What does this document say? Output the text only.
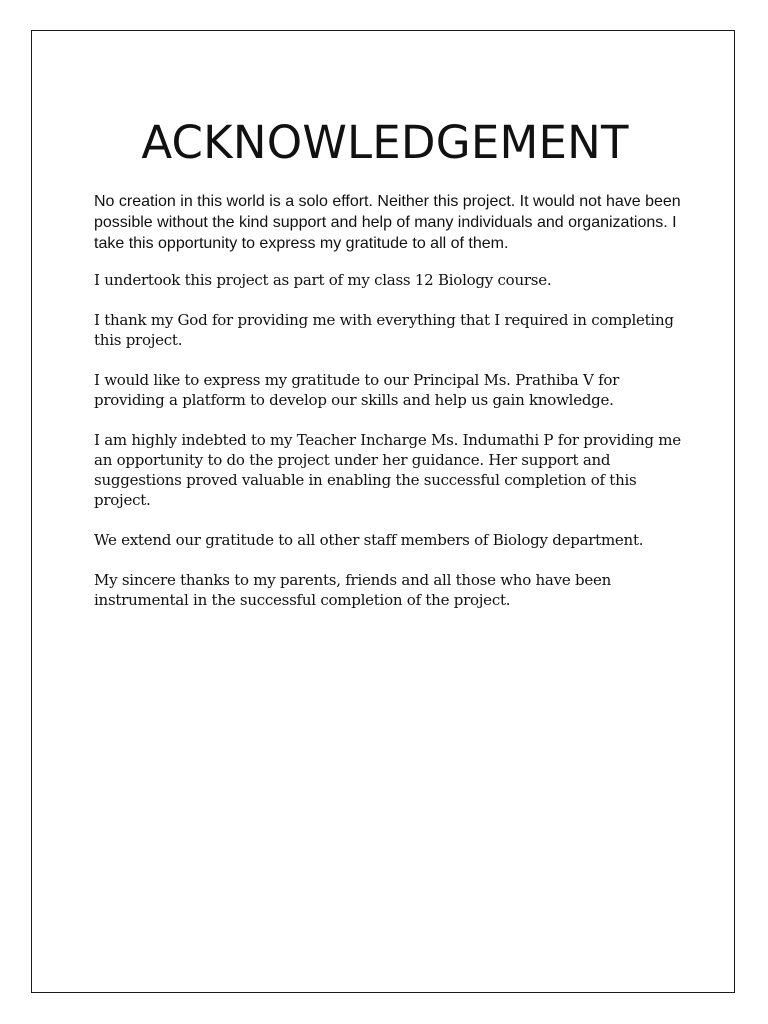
ACKNOWLEDGEMENT

No creation in this world is a solo effort. Neither this project. It would not have been possible without the kind support and help of many individuals and organizations. I take this opportunity to express my gratitude to all of them.

I undertook this project as part of my class 12 Biology course.

I thank my God for providing me with everything that I required in completing this project.

I would like to express my gratitude to our Principal Ms. Prathiba V for providing a platform to develop our skills and help us gain knowledge.

I am highly indebted to my Teacher Incharge Ms. Indumathi P for providing me an opportunity to do the project under her guidance. Her support and suggestions proved valuable in enabling the successful completion of this project.

We extend our gratitude to all other staff members of Biology department.

My sincere thanks to my parents, friends and all those who have been instrumental in the successful completion of the project.
